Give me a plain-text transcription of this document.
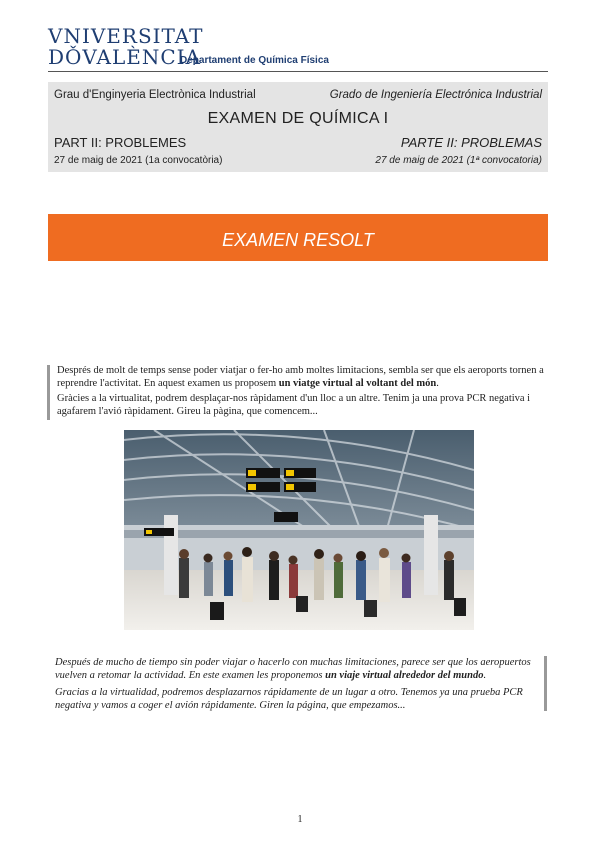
VNIVERSITAT
DǑVALÈNCIA
Departament de Química Física
Grau d'Enginyeria Electrònica Industrial	Grado de Ingeniería Electrónica Industrial
EXAMEN DE QUÍMICA I
PART II: PROBLEMES	PARTE II: PROBLEMAS
27 de maig de 2021 (1a convocatòria)	27 de maig de 2021 (1ª convocatoria)
EXAMEN RESOLT
Després de molt de temps sense poder viatjar o fer-ho amb moltes limitacions, sembla ser que els aeroports tornen a reprendre l'activitat. En aquest examen us proposem un viatge virtual al voltant del món.
Gràcies a la virtualitat, podrem desplaçar-nos ràpidament d'un lloc a un altre. Tenim ja una prova PCR negativa i agafarem l'avió ràpidament. Gireu la pàgina, que comencem...
Después de mucho de tiempo sin poder viajar o hacerlo con muchas limitaciones, parece ser que los aeropuertos vuelven a retomar la actividad. En este examen les proponemos un viaje virtual alrededor del mundo.
Gracias a la virtualidad, podremos desplazarnos rápidamente de un lugar a otro. Tenemos ya una prueba PCR negativa y vamos a coger el avión rápidamente. Giren la página, que empezamos...
1
